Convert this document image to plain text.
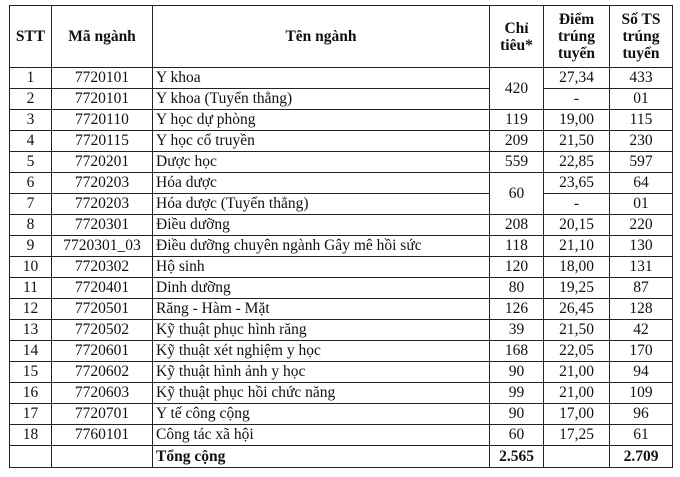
STT	Mã ngành	Tên ngành	Chỉ tiêu*	Điểm trúng tuyển	Số TS trúng tuyển
1	7720101	Y khoa	420	27,34	433
2	7720101	Y khoa (Tuyển thẳng)		-	01
3	7720110	Y học dự phòng	119	19,00	115
4	7720115	Y học cổ truyền	209	21,50	230
5	7720201	Dược học	559	22,85	597
6	7720203	Hóa dược	60	23,65	64
7	7720203	Hóa dược (Tuyển thẳng)		-	01
8	7720301	Điều dưỡng	208	20,15	220
9	7720301_03	Điều dưỡng chuyên ngành Gây mê hồi sức	118	21,10	130
10	7720302	Hộ sinh	120	18,00	131
11	7720401	Dinh dưỡng	80	19,25	87
12	7720501	Răng - Hàm - Mặt	126	26,45	128
13	7720502	Kỹ thuật phục hình răng	39	21,50	42
14	7720601	Kỹ thuật xét nghiệm y học	168	22,05	170
15	7720602	Kỹ thuật hình ảnh y học	90	21,00	94
16	7720603	Kỹ thuật phục hồi chức năng	99	21,00	109
17	7720701	Y tế công cộng	90	17,00	96
18	7760101	Công tác xã hội	60	17,25	61
		Tổng cộng	2.565		2.709
